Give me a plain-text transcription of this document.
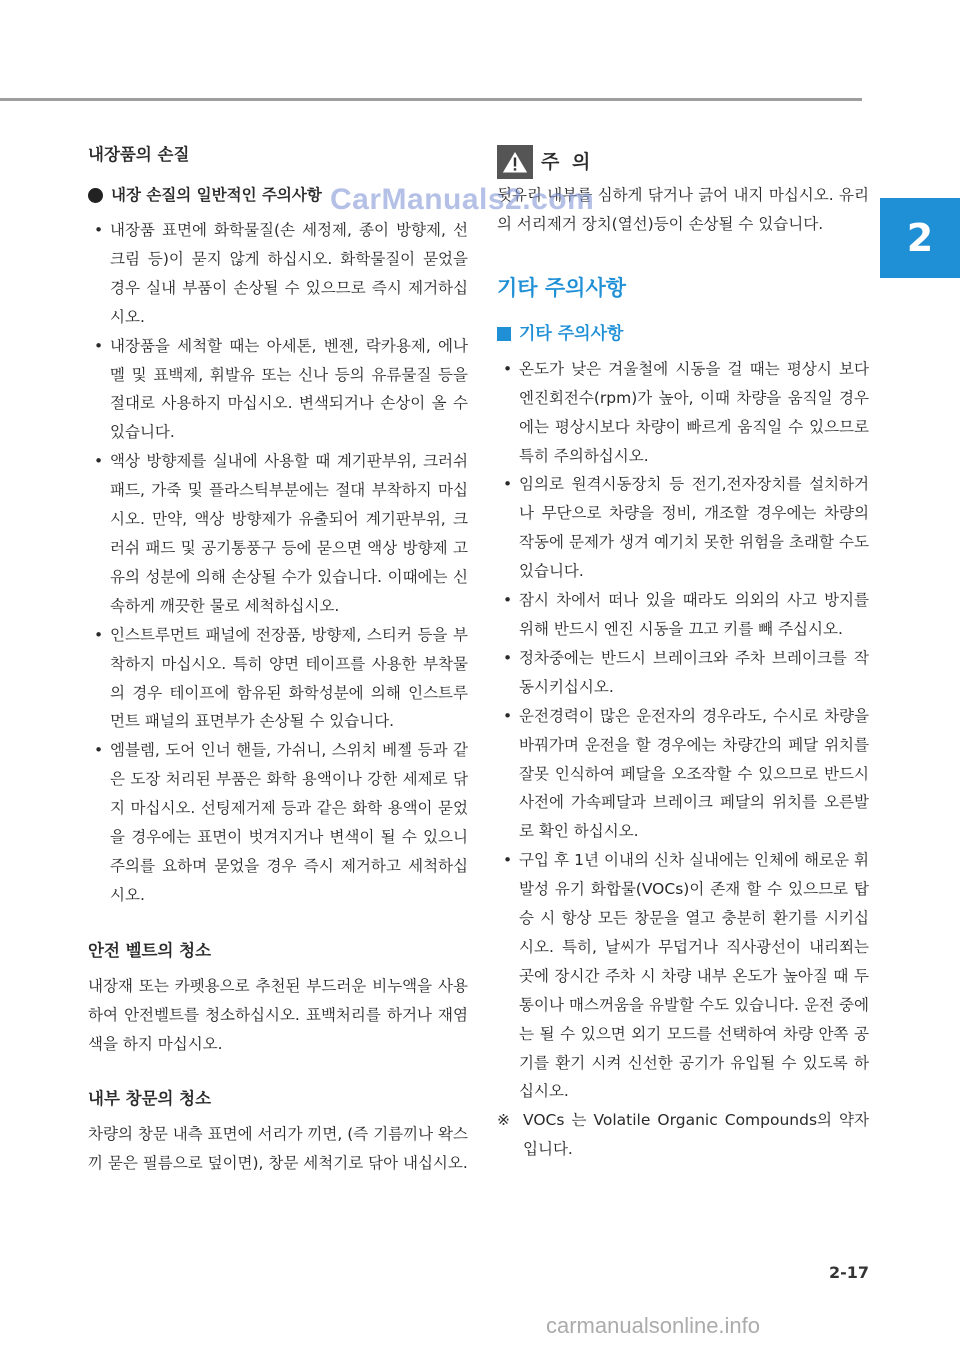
2
내장품의 손질
내장 손질의 일반적인 주의사항
• 내장품 표면에 화학물질(손 세정제, 종이 방향제, 선 크림 등)이 묻지 않게 하십시오. 화학물질이 묻었을 경우 실내 부품이 손상될 수 있으므로 즉시 제거하십시오.
• 내장품을 세척할 때는 아세톤, 벤젠, 락카용제, 에나멜 및 표백제, 휘발유 또는 신나 등의 유류물질 등을 절대로 사용하지 마십시오. 변색되거나 손상이 올 수 있습니다.
• 액상 방향제를 실내에 사용할 때 계기판부위, 크러쉬 패드, 가죽 및 플라스틱부분에는 절대 부착하지 마십시오. 만약, 액상 방향제가 유출되어 계기판부위, 크러쉬 패드 및 공기통풍구 등에 묻으면 액상 방향제 고유의 성분에 의해 손상될 수가 있습니다. 이때에는 신속하게 깨끗한 물로 세척하십시오.
• 인스트루먼트 패널에 전장품, 방향제, 스티커 등을 부착하지 마십시오. 특히 양면 테이프를 사용한 부착물의 경우 테이프에 함유된 화학성분에 의해 인스트루먼트 패널의 표면부가 손상될 수 있습니다.
• 엠블렘, 도어 인너 핸들, 가쉬니, 스위치 베젤 등과 같은 도장 처리된 부품은 화학 용액이나 강한 세제로 닦지 마십시오. 선팅제거제 등과 같은 화학 용액이 묻었을 경우에는 표면이 벗겨지거나 변색이 될 수 있으니 주의를 요하며 묻었을 경우 즉시 제거하고 세척하십시오.
안전 벨트의 청소

내장재 또는 카펫용으로 추천된 부드러운 비누액을 사용하여 안전벨트를 청소하십시오. 표백처리를 하거나 재염색을 하지 마십시오.

내부 창문의 청소

차량의 창문 내측 표면에 서리가 끼면, (즉 기름끼나 왁스끼 묻은 필름으로 덮이면), 창문 세척기로 닦아 내십시오.

주 의

뒷유리 내부를 심하게 닦거나 긁어 내지 마십시오. 유리의 서리제거 장치(열선)등이 손상될 수 있습니다.

기타 주의사항
기타 주의사항
• 온도가 낮은 겨울철에 시동을 걸 때는 평상시 보다 엔진회전수(rpm)가 높아, 이때 차량을 움직일 경우에는 평상시보다 차량이 빠르게 움직일 수 있으므로 특히 주의하십시오.
• 임의로 원격시동장치 등 전기,전자장치를 설치하거나 무단으로 차량을 정비, 개조할 경우에는 차량의 작동에 문제가 생겨 예기치 못한 위험을 초래할 수도 있습니다.
• 잠시 차에서 떠나 있을 때라도 의외의 사고 방지를 위해 반드시 엔진 시동을 끄고 키를 빼 주십시오.
• 정차중에는 반드시 브레이크와 주차 브레이크를 작동시키십시오.
• 운전경력이 많은 운전자의 경우라도, 수시로 차량을 바꿔가며 운전을 할 경우에는 차량간의 페달 위치를 잘못 인식하여 페달을 오조작할 수 있으므로 반드시 사전에 가속페달과 브레이크 페달의 위치를 오른발로 확인 하십시오.
• 구입 후 1년 이내의 신차 실내에는 인체에 해로운 휘발성 유기 화합물(VOCs)이 존재 할 수 있으므로 탑승 시 항상 모든 창문을 열고 충분히 환기를 시키십시오. 특히, 날씨가 무덥거나 직사광선이 내리쬐는 곳에 장시간 주차 시 차량 내부 온도가 높아질 때 두통이나 매스꺼움을 유발할 수도 있습니다. 운전 중에는 될 수 있으면 외기 모드를 선택하여 차량 안쪽 공기를 환기 시켜 신선한 공기가 유입될 수 있도록 하십시오.
※ VOCs 는 Volatile Organic Compounds의 약자입니다.
2-17
CarManuals2.com
carmanualsonline.info
